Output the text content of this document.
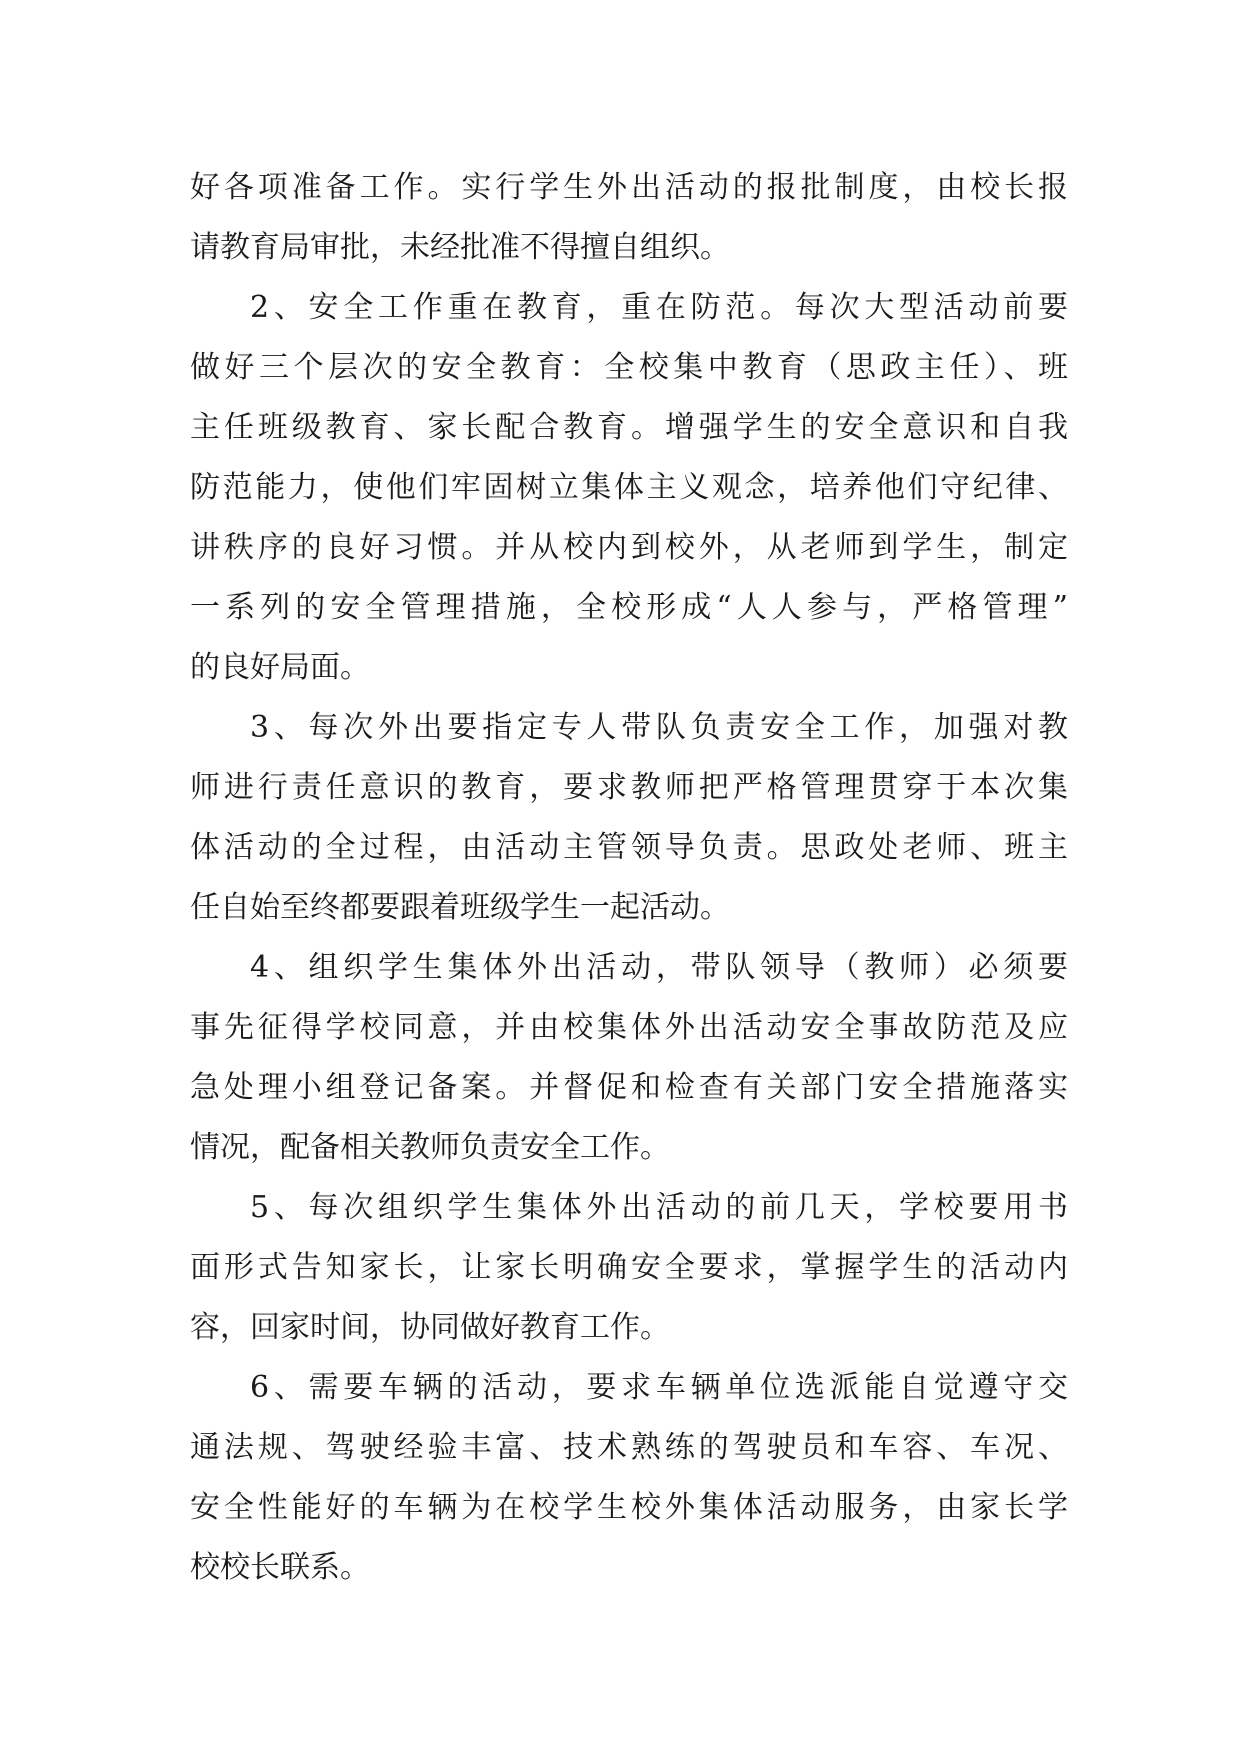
好各项准备工作。实行学生外出活动的报批制度，由校长报
请教育局审批，未经批准不得擅自组织。
2、安全工作重在教育，重在防范。每次大型活动前要
做好三个层次的安全教育：全校集中教育（思政主任）、班
主任班级教育、家长配合教育。增强学生的安全意识和自我
防范能力，使他们牢固树立集体主义观念，培养他们守纪律、
讲秩序的良好习惯。并从校内到校外，从老师到学生，制定
一系列的安全管理措施，全校形成“人人参与，严格管理”
的良好局面。
3、每次外出要指定专人带队负责安全工作，加强对教
师进行责任意识的教育，要求教师把严格管理贯穿于本次集
体活动的全过程，由活动主管领导负责。思政处老师、班主
任自始至终都要跟着班级学生一起活动。
4、组织学生集体外出活动，带队领导（教师）必须要
事先征得学校同意，并由校集体外出活动安全事故防范及应
急处理小组登记备案。并督促和检查有关部门安全措施落实
情况，配备相关教师负责安全工作。
5、每次组织学生集体外出活动的前几天，学校要用书
面形式告知家长，让家长明确安全要求，掌握学生的活动内
容，回家时间，协同做好教育工作。
6、需要车辆的活动，要求车辆单位选派能自觉遵守交
通法规、驾驶经验丰富、技术熟练的驾驶员和车容、车况、
安全性能好的车辆为在校学生校外集体活动服务，由家长学
校校长联系。
